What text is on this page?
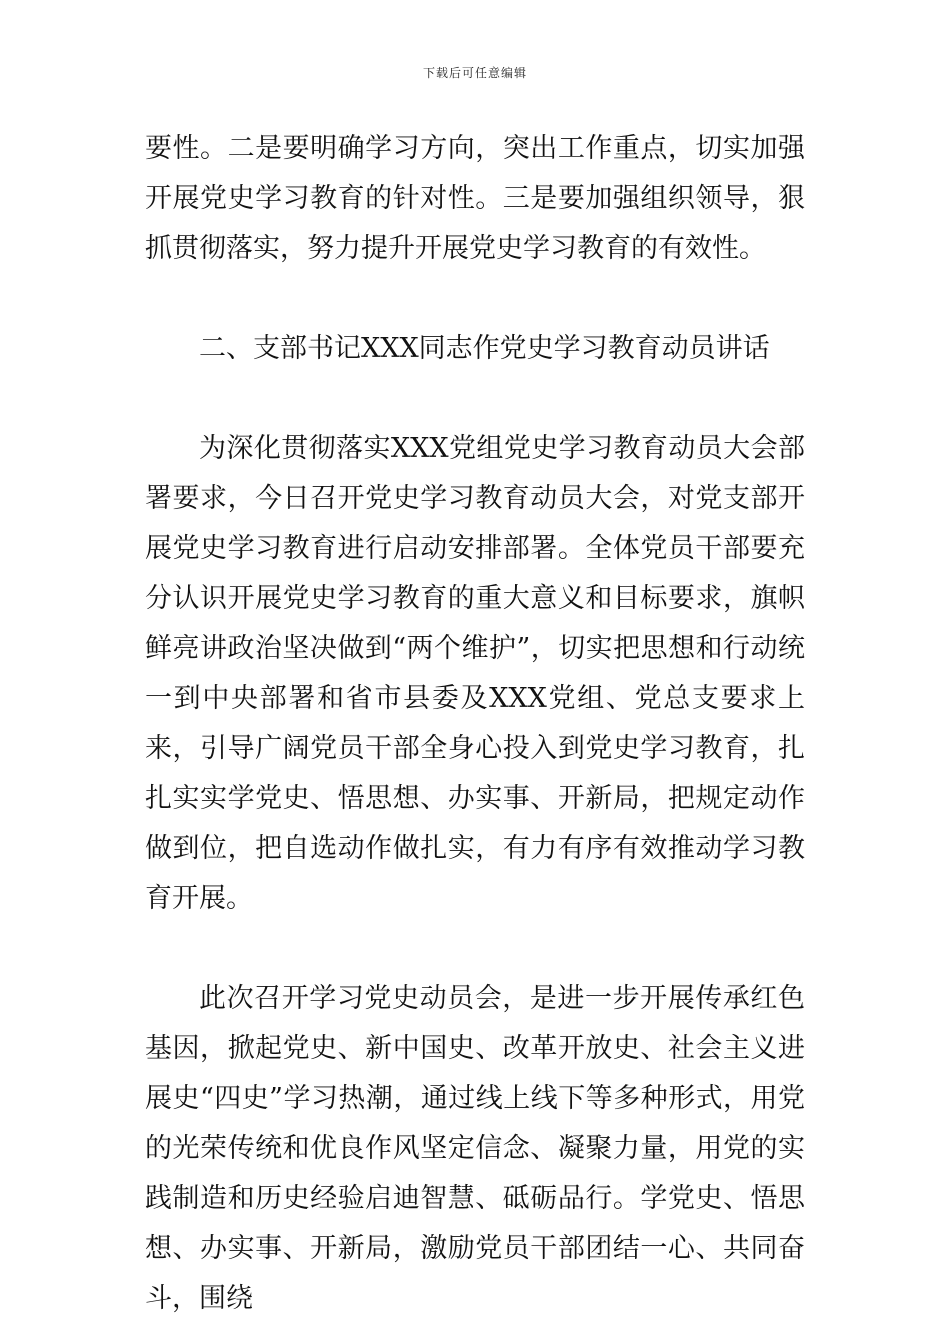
下载后可任意编辑

要性。二是要明确学习方向，突出工作重点，切实加强开展党史学习教育的针对性。三是要加强组织领导，狠抓贯彻落实，努力提升开展党史学习教育的有效性。

二、支部书记XXX同志作党史学习教育动员讲话

为深化贯彻落实XXX党组党史学习教育动员大会部署要求，今日召开党史学习教育动员大会，对党支部开展党史学习教育进行启动安排部署。全体党员干部要充分认识开展党史学习教育的重大意义和目标要求，旗帜鲜亮讲政治坚决做到“两个维护”，切实把思想和行动统一到中央部署和省市县委及XXX党组、党总支要求上来，引导广阔党员干部全身心投入到党史学习教育，扎扎实实学党史、悟思想、办实事、开新局，把规定动作做到位，把自选动作做扎实，有力有序有效推动学习教育开展。

此次召开学习党史动员会，是进一步开展传承红色基因，掀起党史、新中国史、改革开放史、社会主义进展史“四史”学习热潮，通过线上线下等多种形式，用党的光荣传统和优良作风坚定信念、凝聚力量，用党的实践制造和历史经验启迪智慧、砥砺品行。学党史、悟思想、办实事、开新局，激励党员干部团结一心、共同奋斗，围绕
